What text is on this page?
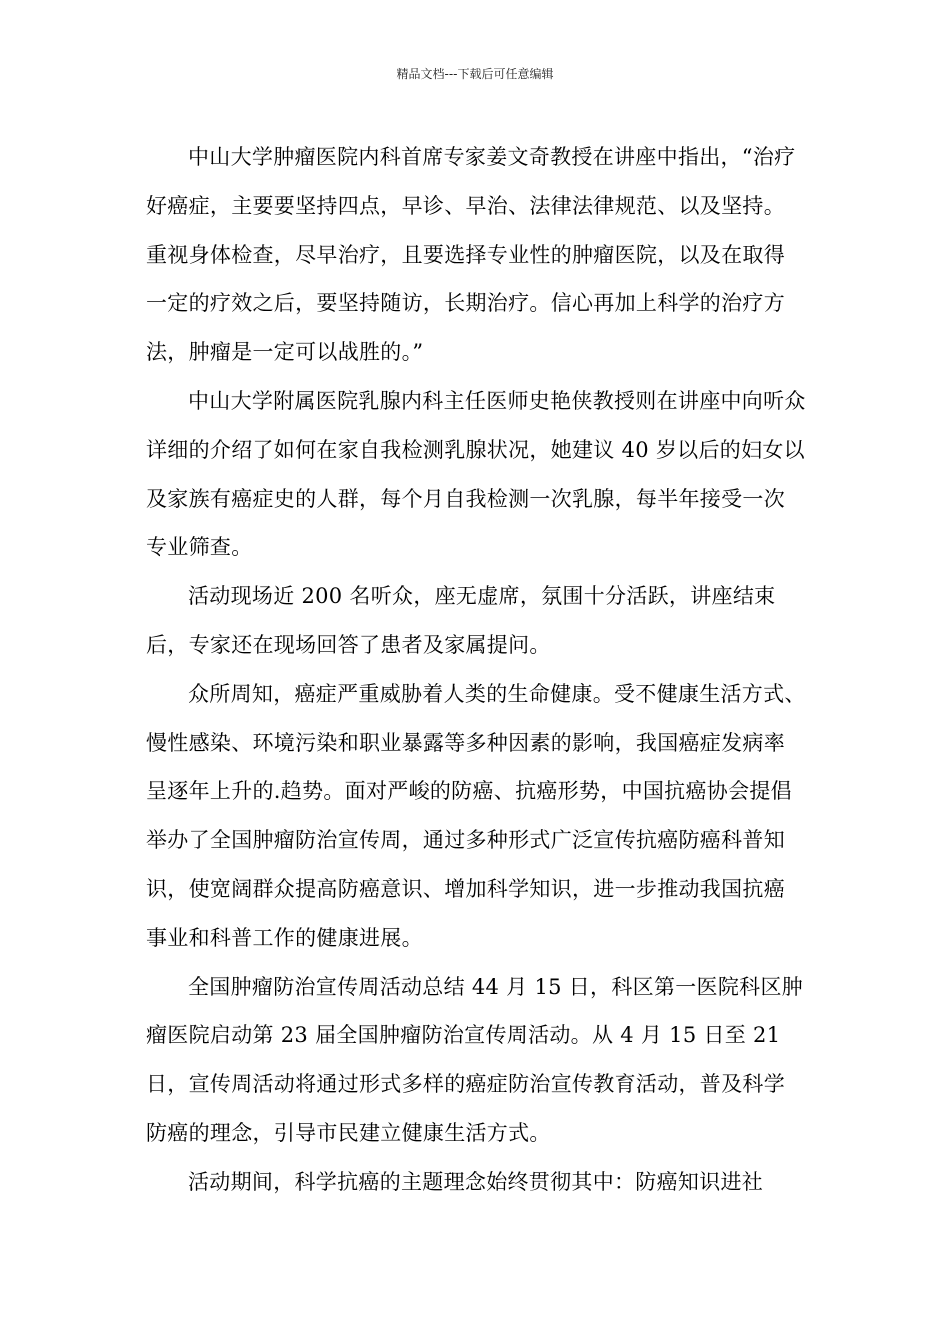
精品文档---下载后可任意编辑

中山大学肿瘤医院内科首席专家姜文奇教授在讲座中指出，“治疗好癌症，主要要坚持四点，早诊、早治、法律法律规范、以及坚持。重视身体检查，尽早治疗，且要选择专业性的肿瘤医院，以及在取得一定的疗效之后，要坚持随访，长期治疗。信心再加上科学的治疗方法，肿瘤是一定可以战胜的。”

中山大学附属医院乳腺内科主任医师史艳侠教授则在讲座中向听众详细的介绍了如何在家自我检测乳腺状况，她建议 40 岁以后的妇女以及家族有癌症史的人群，每个月自我检测一次乳腺，每半年接受一次专业筛查。

活动现场近 200 名听众，座无虚席，氛围十分活跃，讲座结束后，专家还在现场回答了患者及家属提问。

众所周知，癌症严重威胁着人类的生命健康。受不健康生活方式、慢性感染、环境污染和职业暴露等多种因素的影响，我国癌症发病率呈逐年上升的.趋势。面对严峻的防癌、抗癌形势，中国抗癌协会提倡举办了全国肿瘤防治宣传周，通过多种形式广泛宣传抗癌防癌科普知识，使宽阔群众提高防癌意识、增加科学知识，进一步推动我国抗癌事业和科普工作的健康进展。

全国肿瘤防治宣传周活动总结 44 月 15 日，科区第一医院科区肿瘤医院启动第 23 届全国肿瘤防治宣传周活动。从 4 月 15 日至 21 日，宣传周活动将通过形式多样的癌症防治宣传教育活动，普及科学防癌的理念，引导市民建立健康生活方式。

活动期间，科学抗癌的主题理念始终贯彻其中：防癌知识进社
